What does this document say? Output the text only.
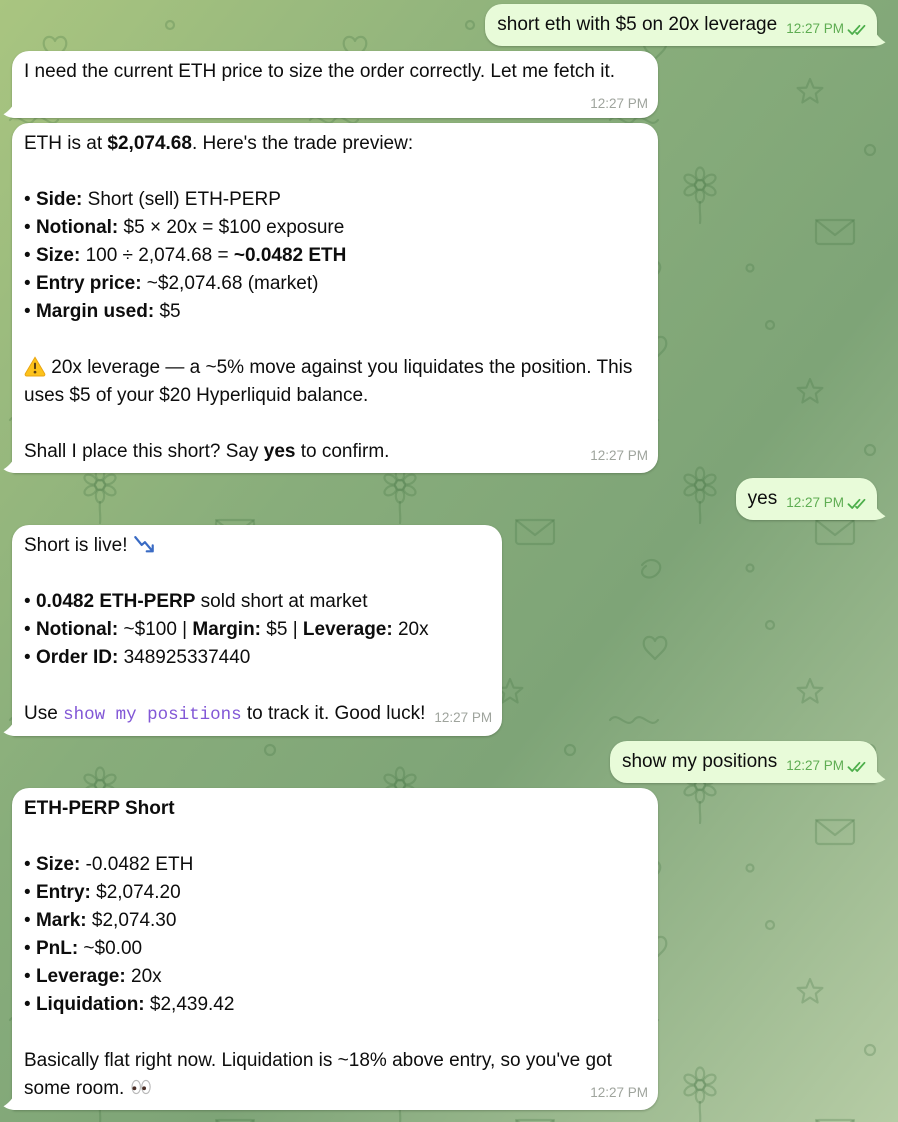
short eth with $5 on 20x leverage 12:27 PM
I need the current ETH price to size the order correctly. Let me fetch it.
12:27 PM
ETH is at $2,074.68. Here's the trade preview:
• Side: Short (sell) ETH-PERP
• Notional: $5 × 20x = $100 exposure
• Size: 100 ÷ 2,074.68 = ~0.0482 ETH
• Entry price: ~$2,074.68 (market)
• Margin used: $5
20x leverage — a ~5% move against you liquidates the position. This uses $5 of your $20 Hyperliquid balance.
Shall I place this short? Say yes to confirm.	12:27 PM
yes 12:27 PM
Short is live!
• 0.0482 ETH-PERP sold short at market
• Notional: ~$100 | Margin: $5 | Leverage: 20x
• Order ID: 348925337440
Use show my positions to track it. Good luck! 12:27 PM
show my positions 12:27 PM
ETH-PERP Short
• Size: -0.0482 ETH
• Entry: $2,074.20
• Mark: $2,074.30
• PnL: ~$0.00
• Leverage: 20x
• Liquidation: $2,439.42
Basically flat right now. Liquidation is ~18% above entry, so you've got some room.	12:27 PM
